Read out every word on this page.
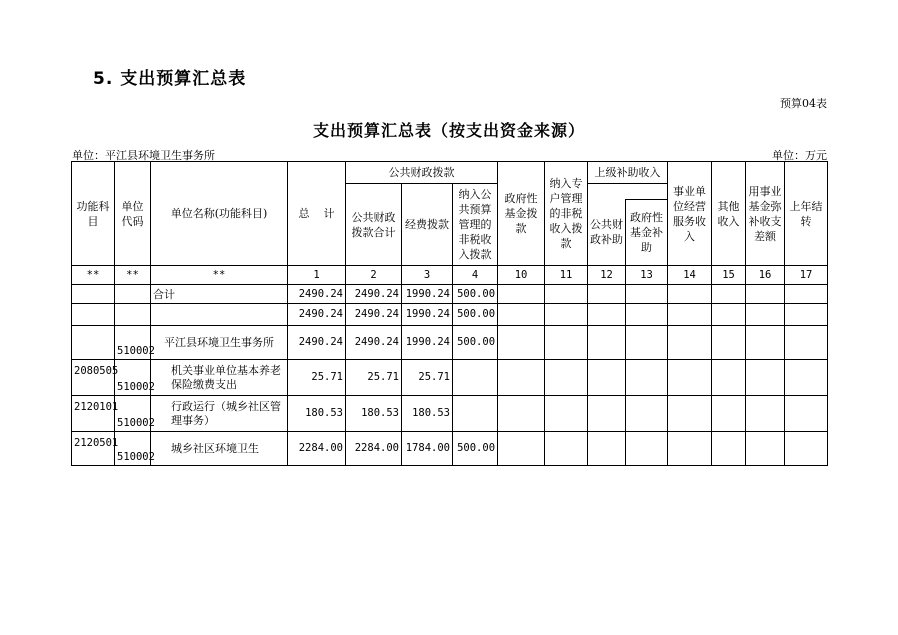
5. 支出预算汇总表
预算04表
支出预算汇总表（按支出资金来源）
单位：平江县环境卫生事务所	单位：万元
功能科目	单位代码	单位名称(功能科目)	总    计	公共财政拨款			政府性基金拨款	纳入专户管理的非税收入拨款	上级补助收入		事业单位经营服务收入	其他收入	用事业基金弥补收支差额	上年结转
				公共财政拨款合计	经费拨款	纳入公共预算管理的非税收入拨款								
									公共财政补助	政府性基金补助				
**	**	**	1	2	3	4	10	11	12	13	14	15	16	17
		合计	2490.24	2490.24	1990.24	500.00								
			2490.24	2490.24	1990.24	500.00								
	510002	平江县环境卫生事务所	2490.24	2490.24	1990.24	500.00								
2080505	510002	机关事业单位基本养老保险缴费支出	25.71	25.71	25.71									
2120101	510002	行政运行（城乡社区管理事务）	180.53	180.53	180.53									
2120501	510002	城乡社区环境卫生	2284.00	2284.00	1784.00	500.00								
